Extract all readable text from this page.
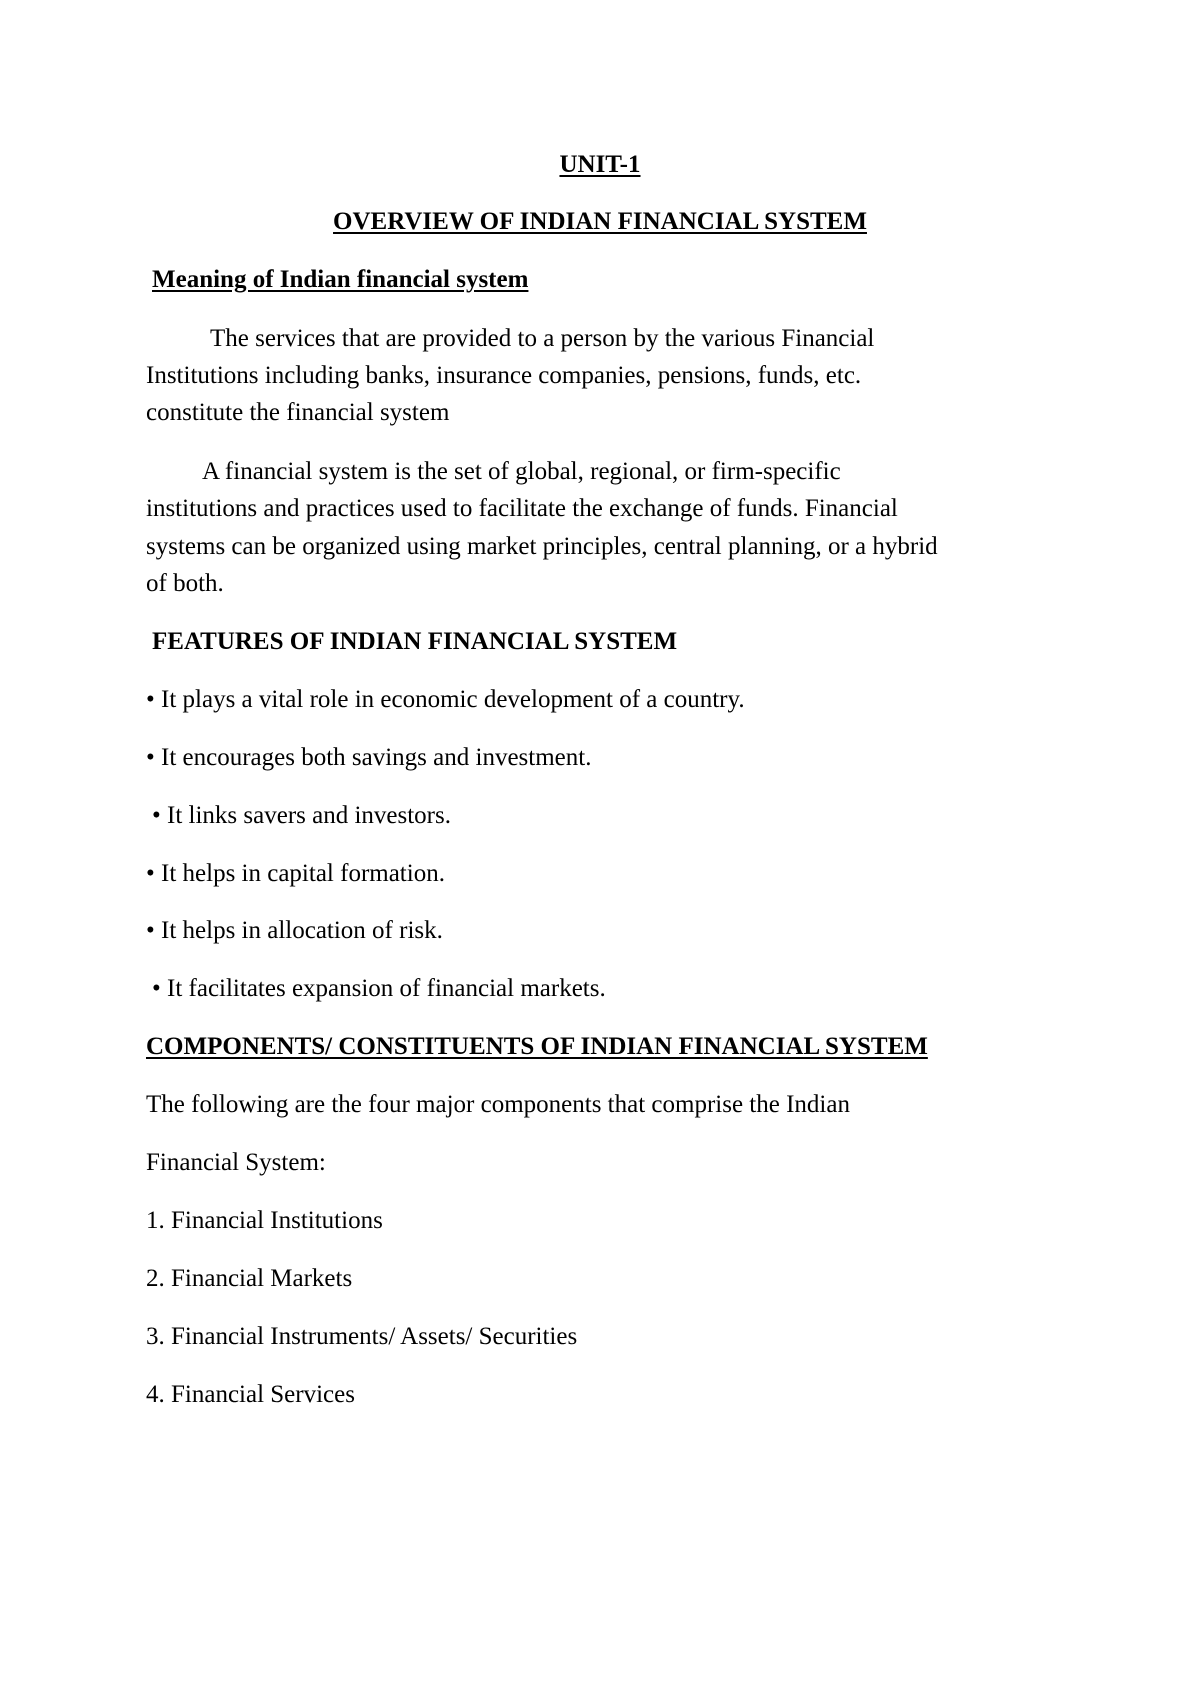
UNIT-1
OVERVIEW OF INDIAN FINANCIAL SYSTEM
Meaning of Indian financial system
The services that are provided to a person by the various Financial
Institutions including banks, insurance companies, pensions, funds, etc.
constitute the financial system
A financial system is the set of global, regional, or firm-specific
institutions and practices used to facilitate the exchange of funds. Financial
systems can be organized using market principles, central planning, or a hybrid
of both.
FEATURES OF INDIAN FINANCIAL SYSTEM
• It plays a vital role in economic development of a country.
• It encourages both savings and investment.
• It links savers and investors.
• It helps in capital formation.
• It helps in allocation of risk.
• It facilitates expansion of financial markets.
COMPONENTS/ CONSTITUENTS OF INDIAN FINANCIAL SYSTEM
The following are the four major components that comprise the Indian
Financial System:
1. Financial Institutions
2. Financial Markets
3. Financial Instruments/ Assets/ Securities
4. Financial Services
